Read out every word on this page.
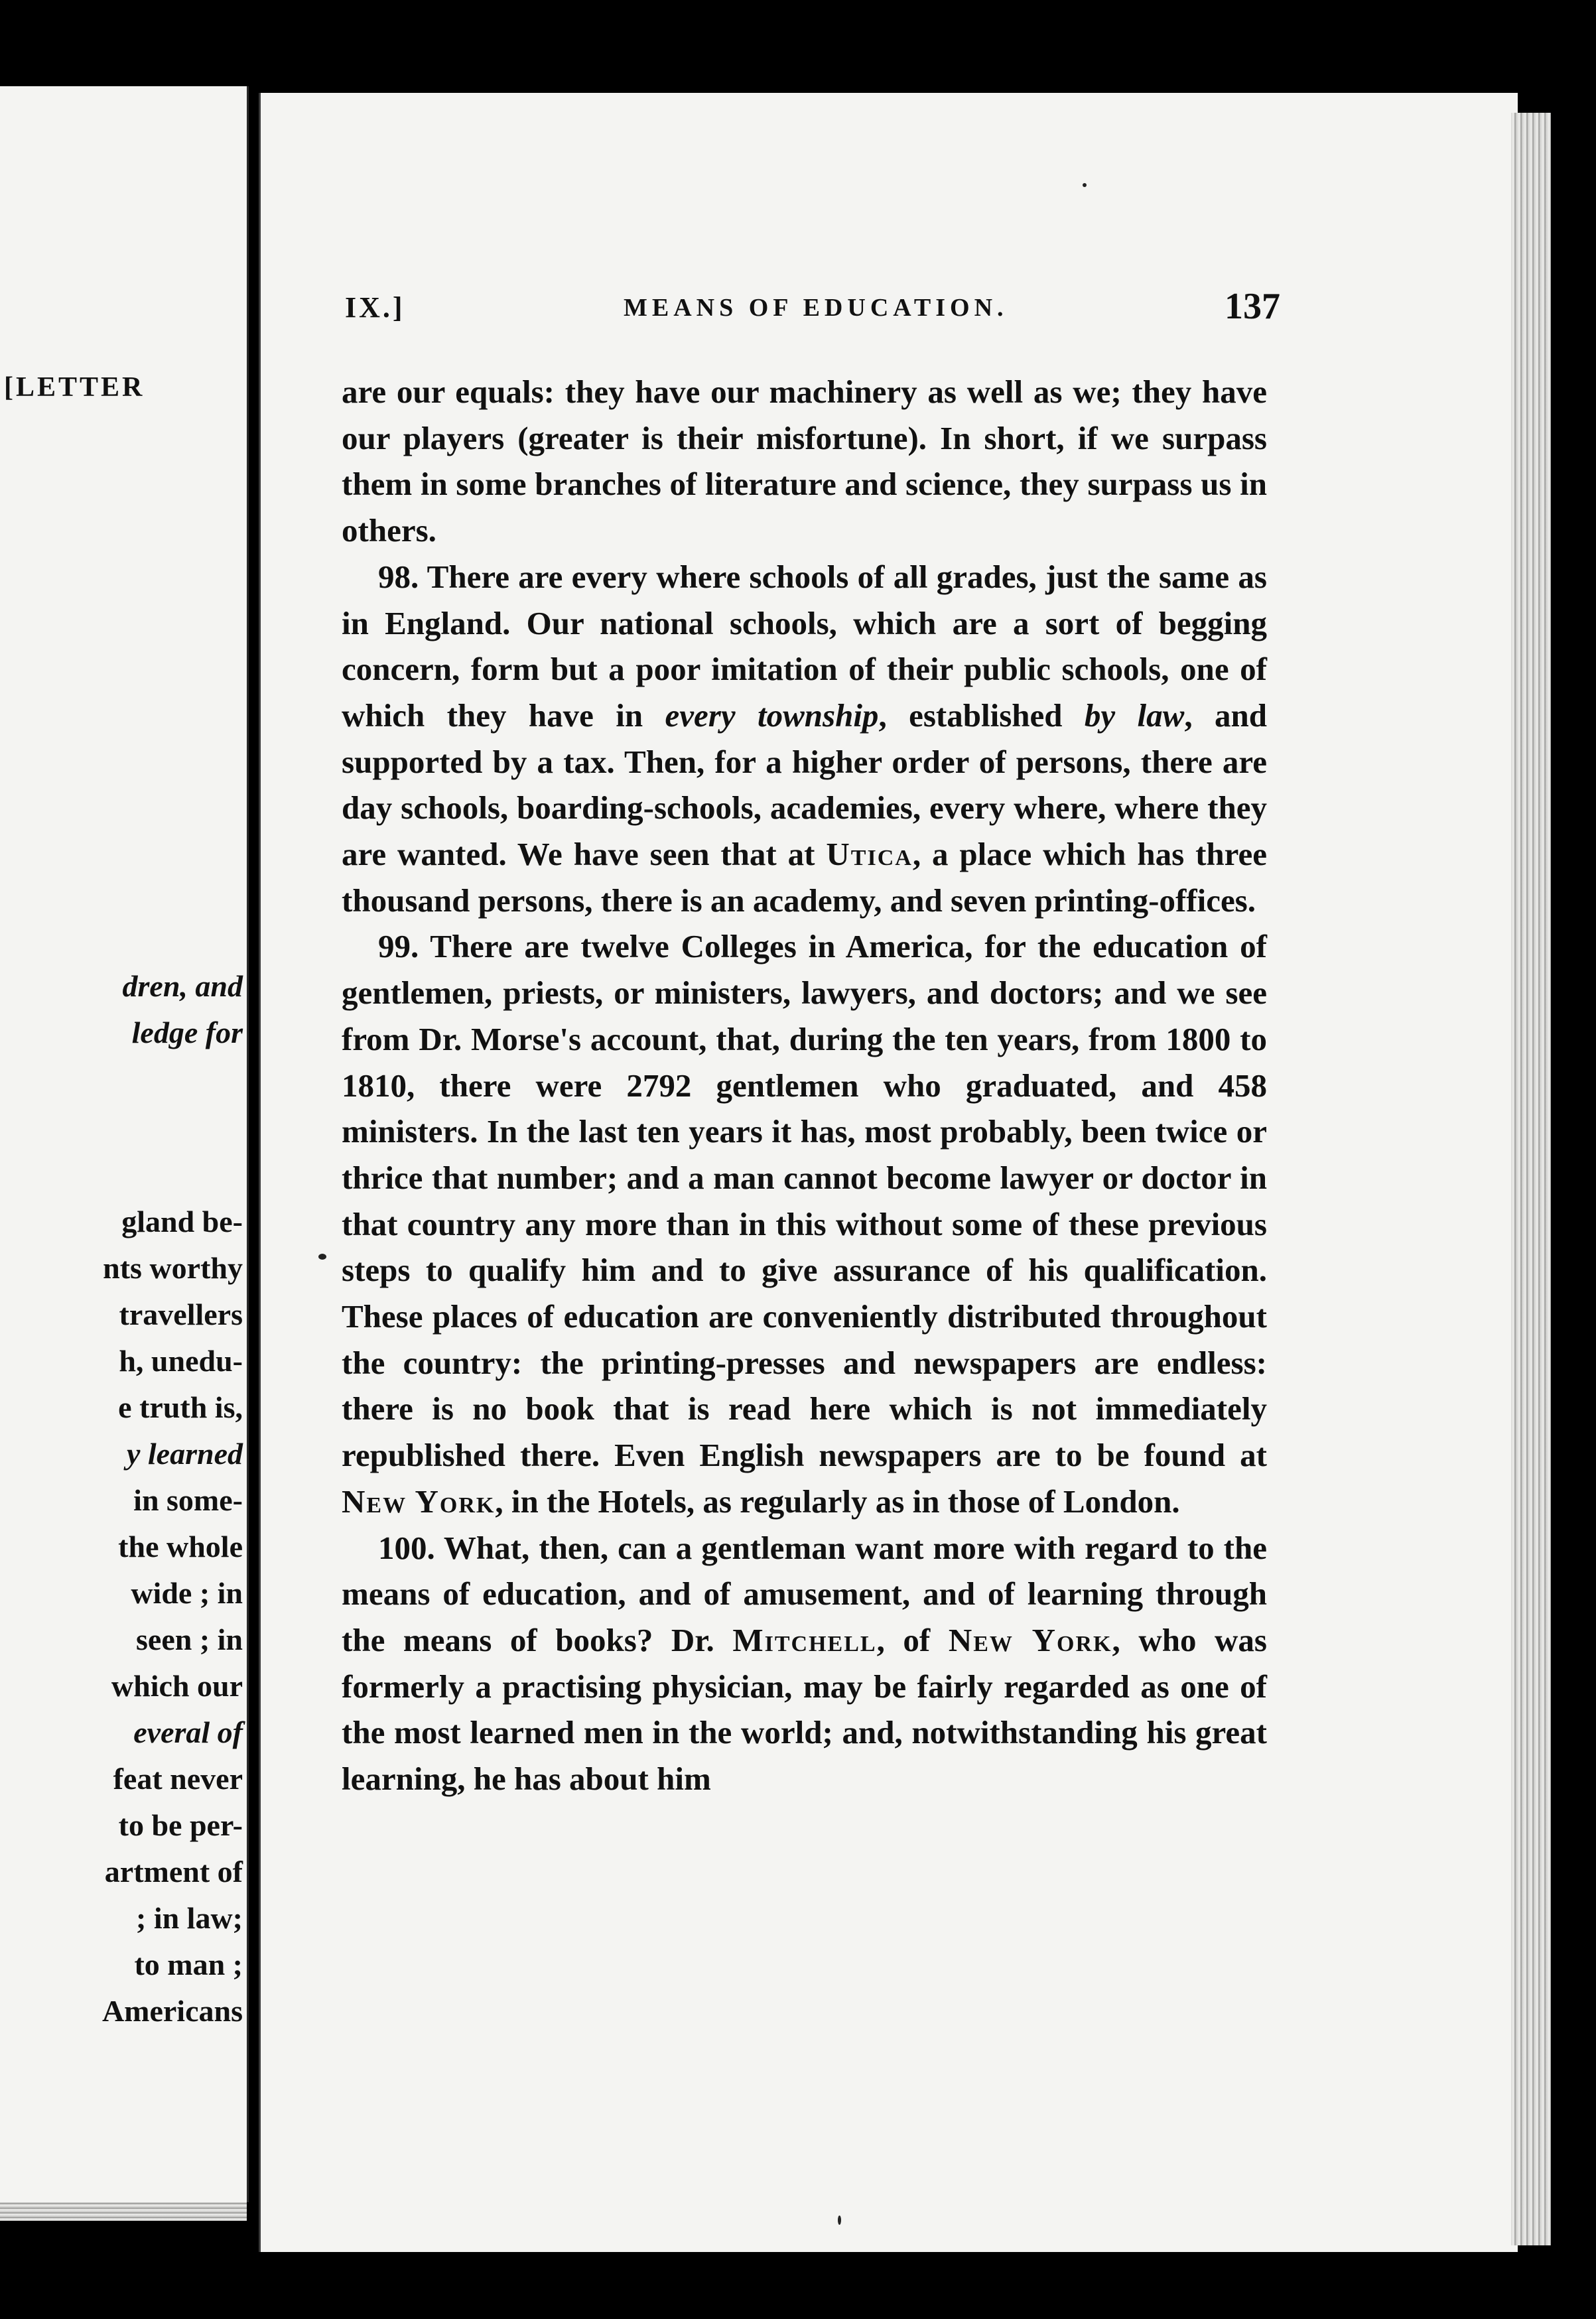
[LETTER
dren, and
ledge for
gland be-
nts worthy
travellers
h, unedu-
e truth is,
y learned
in some-
the whole
wide ; in
seen ; in
which our
everal of
feat never
to be per-
artment of
; in law;
to man ;
Americans
IX.]	MEANS OF EDUCATION.	137

are our equals: they have our machinery as well as we; they have our players (greater is their misfortune). In short, if we surpass them in some branches of literature and science, they surpass us in others.

98. There are every where schools of all grades, just the same as in England. Our national schools, which are a sort of begging concern, form but a poor imitation of their public schools, one of which they have in every township, established by law, and supported by a tax. Then, for a higher order of persons, there are day schools, boarding-schools, academies, every where, where they are wanted. We have seen that at Utica, a place which has three thousand persons, there is an academy, and seven printing-offices.

99. There are twelve Colleges in America, for the education of gentlemen, priests, or ministers, lawyers, and doctors; and we see from Dr. Morse's account, that, during the ten years, from 1800 to 1810, there were 2792 gentlemen who graduated, and 458 ministers. In the last ten years it has, most probably, been twice or thrice that number; and a man cannot become lawyer or doctor in that country any more than in this without some of these previous steps to qualify him and to give assurance of his qualification. These places of education are conveniently distributed throughout the country: the printing-presses and newspapers are endless: there is no book that is read here which is not immediately republished there. Even English newspapers are to be found at New York, in the Hotels, as regularly as in those of London.

100. What, then, can a gentleman want more with regard to the means of education, and of amusement, and of learning through the means of books? Dr. Mitchell, of New York, who was formerly a practising physician, may be fairly regarded as one of the most learned men in the world; and, notwithstanding his great learning, he has about him
